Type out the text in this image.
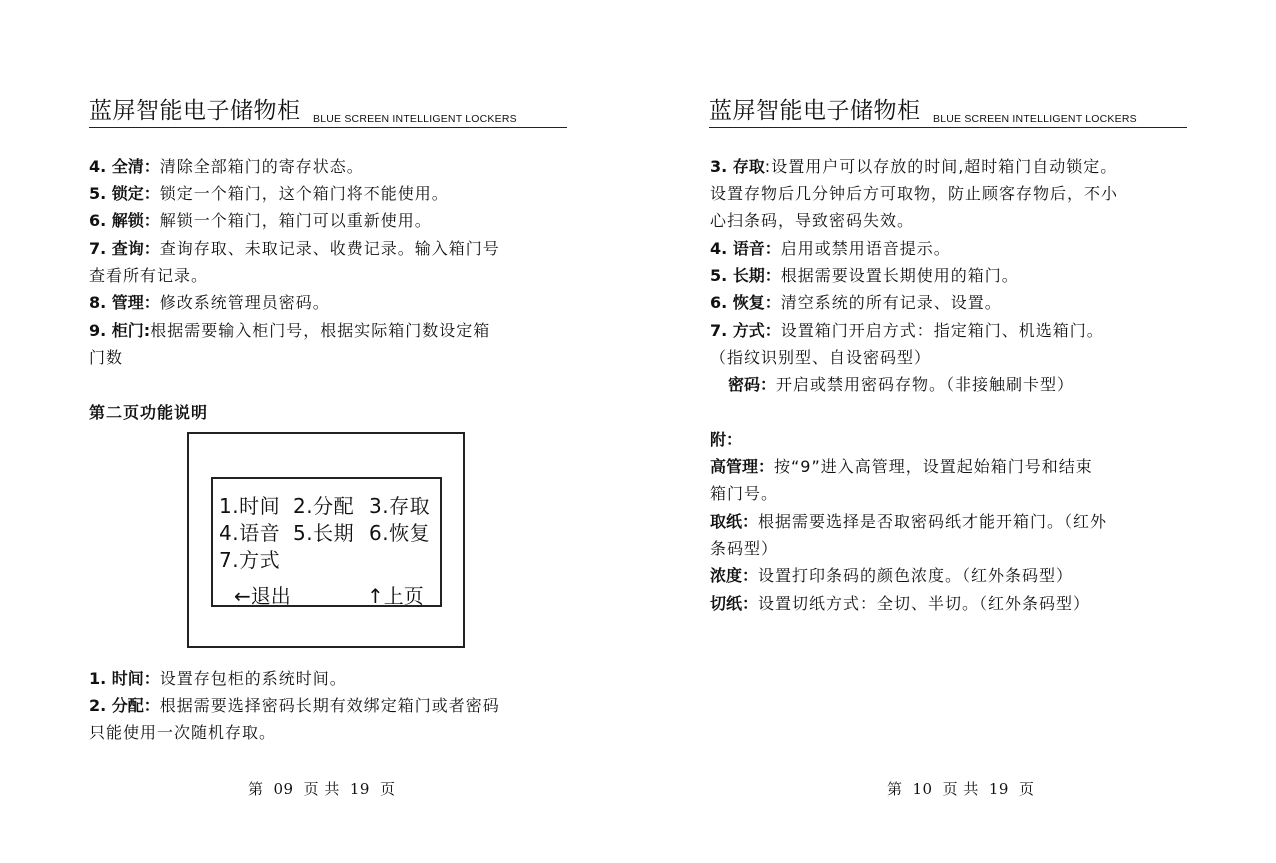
蓝屏智能电子储物柜 BLUE SCREEN INTELLIGENT LOCKERS
4. 全清：清除全部箱门的寄存状态。
5. 锁定：锁定一个箱门，这个箱门将不能使用。
6. 解锁：解锁一个箱门，箱门可以重新使用。
7. 查询：查询存取、未取记录、收费记录。输入箱门号
查看所有记录。
8. 管理：修改系统管理员密码。
9. 柜门:根据需要输入柜门号，根据实际箱门数设定箱
门数
第二页功能说明
1.时间 2.分配 3.存取
4.语音 5.长期 6.恢复
7.方式
←退出	↑上页
1. 时间：设置存包柜的系统时间。
2. 分配：根据需要选择密码长期有效绑定箱门或者密码
只能使用一次随机存取。
第 09 页 共 19 页
蓝屏智能电子储物柜 BLUE SCREEN INTELLIGENT LOCKERS
3. 存取:设置用户可以存放的时间,超时箱门自动锁定。
设置存物后几分钟后方可取物，防止顾客存物后，不小
心扫条码，导致密码失效。
4. 语音：启用或禁用语音提示。
5. 长期：根据需要设置长期使用的箱门。
6. 恢复：清空系统的所有记录、设置。
7. 方式：设置箱门开启方式：指定箱门、机选箱门。
（指纹识别型、自设密码型）
密码：开启或禁用密码存物。（非接触刷卡型）
附：
高管理：按“9”进入高管理，设置起始箱门号和结束
箱门号。
取纸：根据需要选择是否取密码纸才能开箱门。（红外
条码型）
浓度：设置打印条码的颜色浓度。（红外条码型）
切纸：设置切纸方式：全切、半切。（红外条码型）
第 10 页 共 19 页
